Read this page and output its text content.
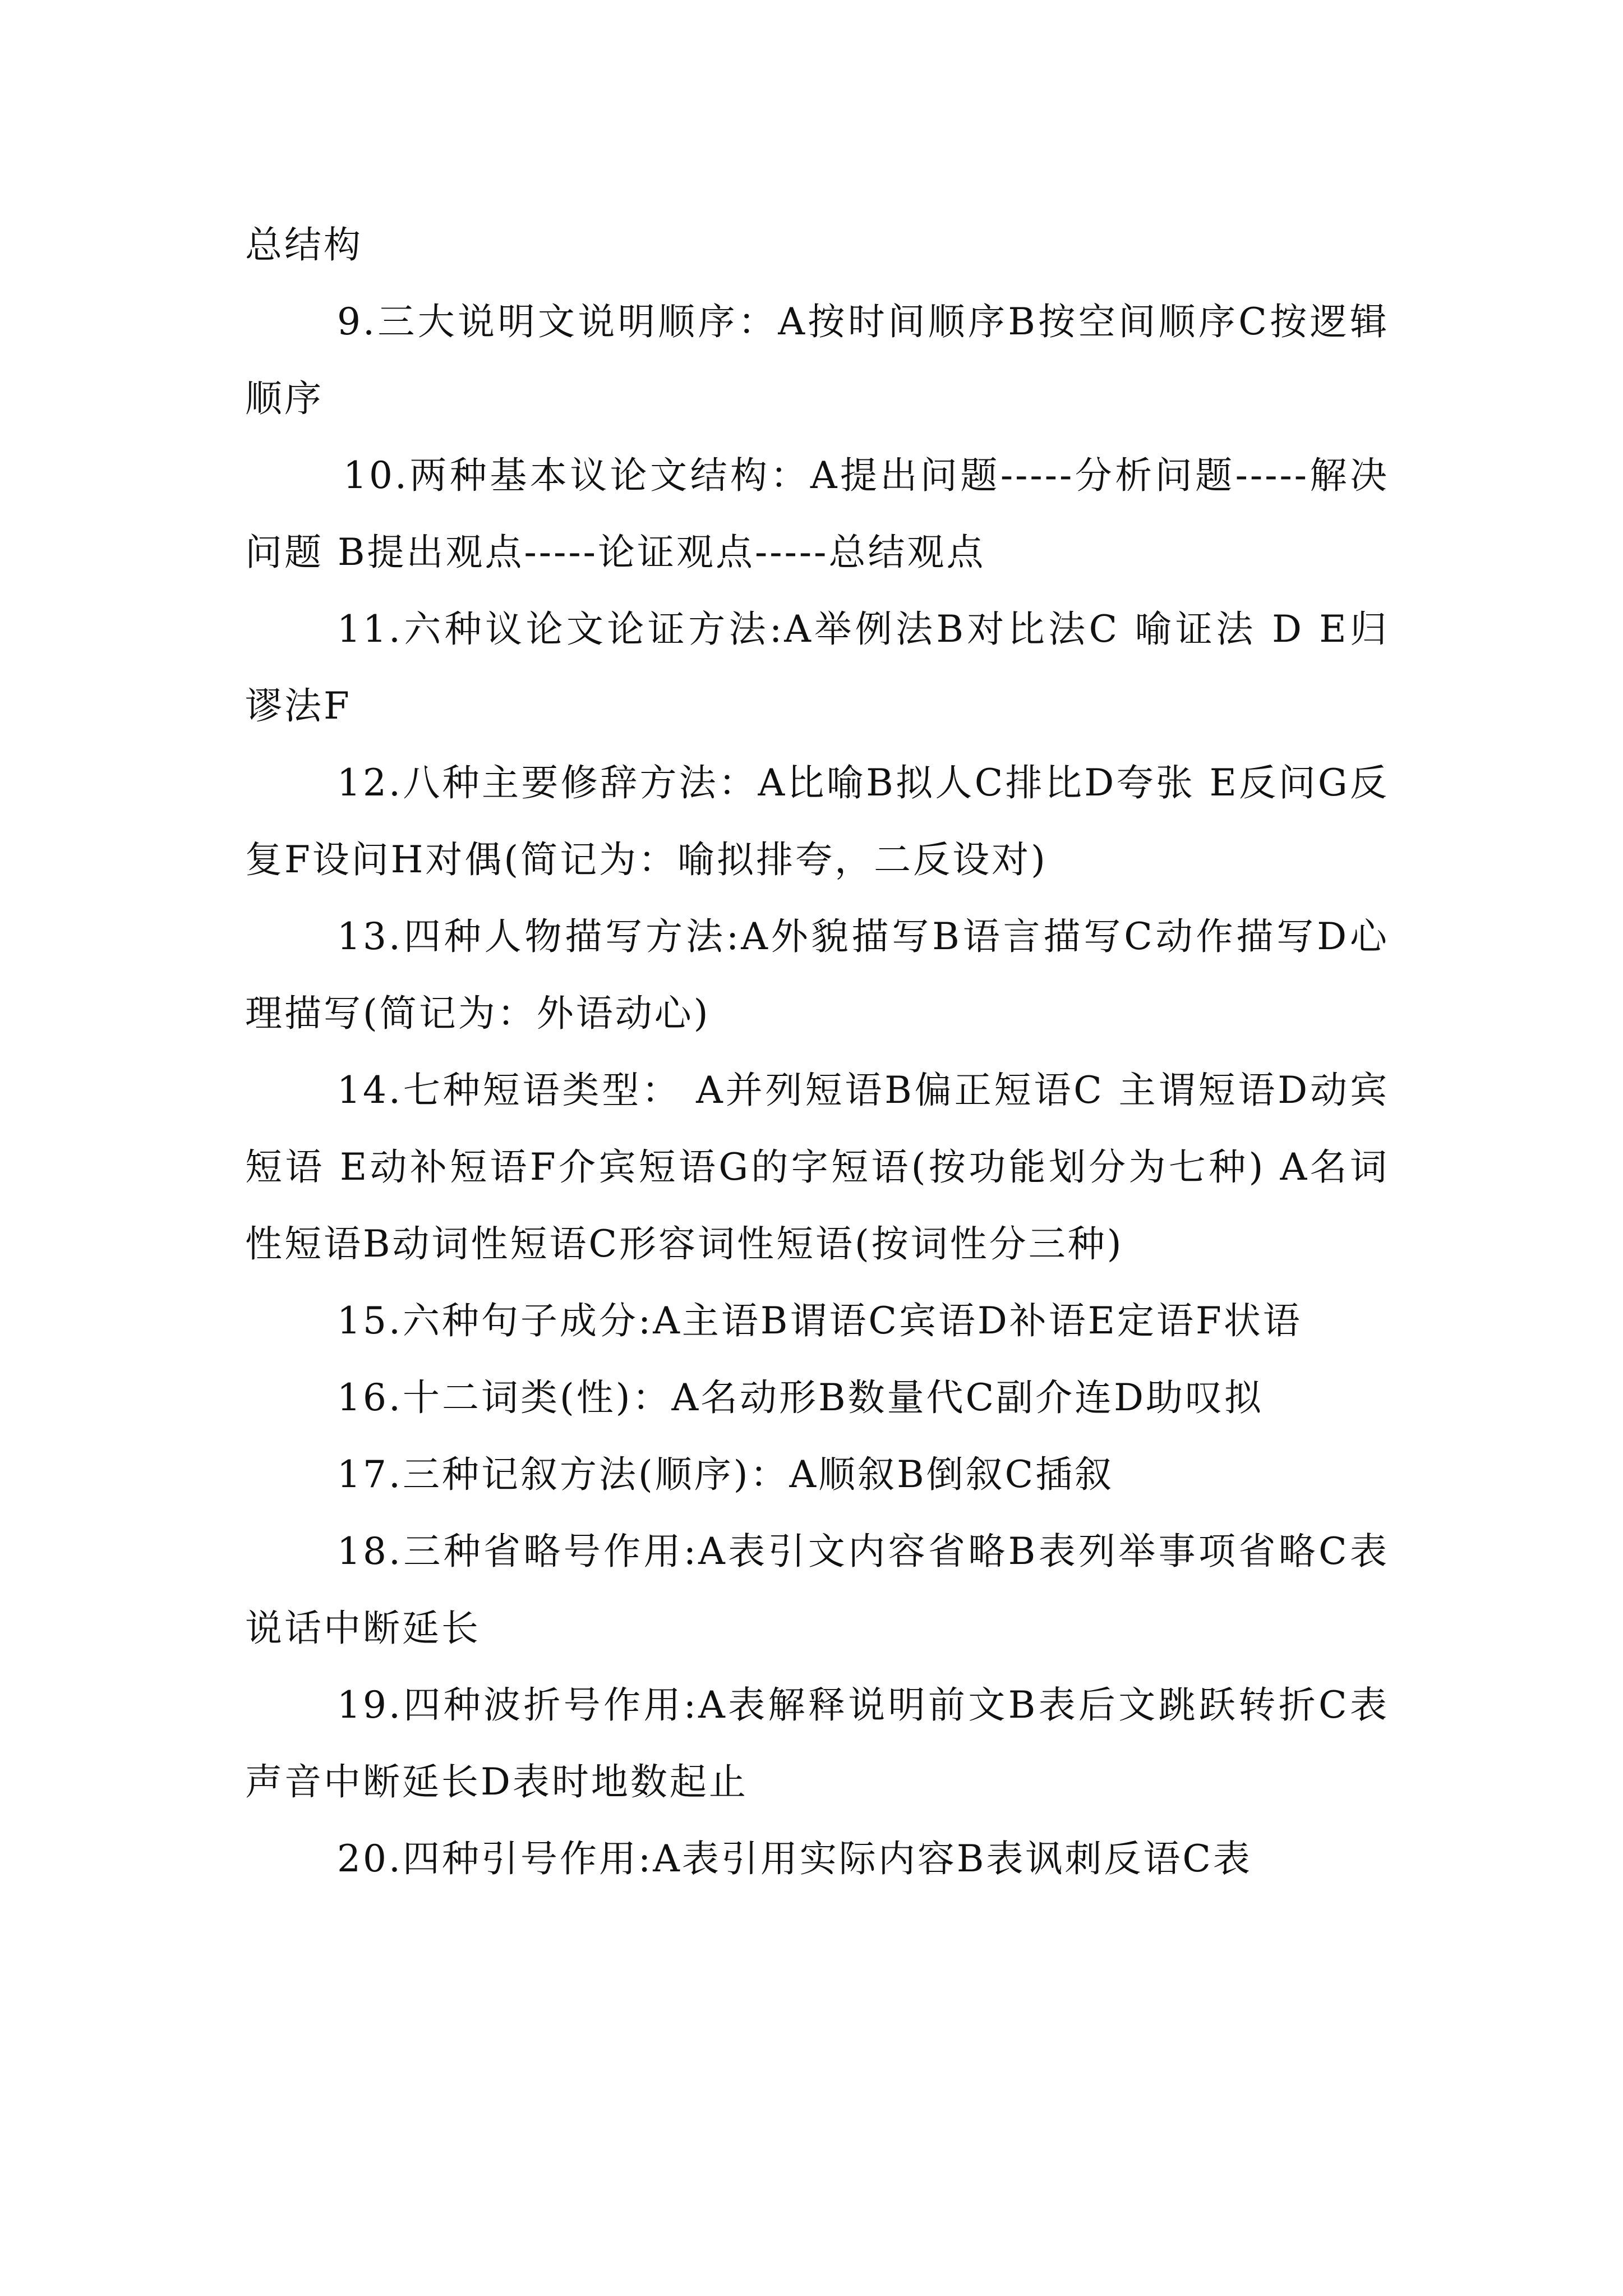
总结构

9.三大说明文说明顺序：A按时间顺序B按空间顺序C按逻辑顺序

10.两种基本议论文结构：A提出问题-----分析问题-----解决问题 B提出观点-----论证观点-----总结观点

11.六种议论文论证方法:A举例法B对比法C 喻证法 D E归谬法F

12.八种主要修辞方法：A比喻B拟人C排比D夸张 E反问G反复F设问H对偶(简记为：喻拟排夸，二反设对)

13.四种人物描写方法:A外貌描写B语言描写C动作描写D心理描写(简记为：外语动心)

14.七种短语类型： A并列短语B偏正短语C 主谓短语D动宾短语 E动补短语F介宾短语G的字短语(按功能划分为七种) A名词性短语B动词性短语C形容词性短语(按词性分三种)

15.六种句子成分:A主语B谓语C宾语D补语E定语F状语

16.十二词类(性)：A名动形B数量代C副介连D助叹拟

17.三种记叙方法(顺序)：A顺叙B倒叙C插叙

18.三种省略号作用:A表引文内容省略B表列举事项省略C表说话中断延长

19.四种波折号作用:A表解释说明前文B表后文跳跃转折C表声音中断延长D表时地数起止

20.四种引号作用:A表引用实际内容B表讽刺反语C表
